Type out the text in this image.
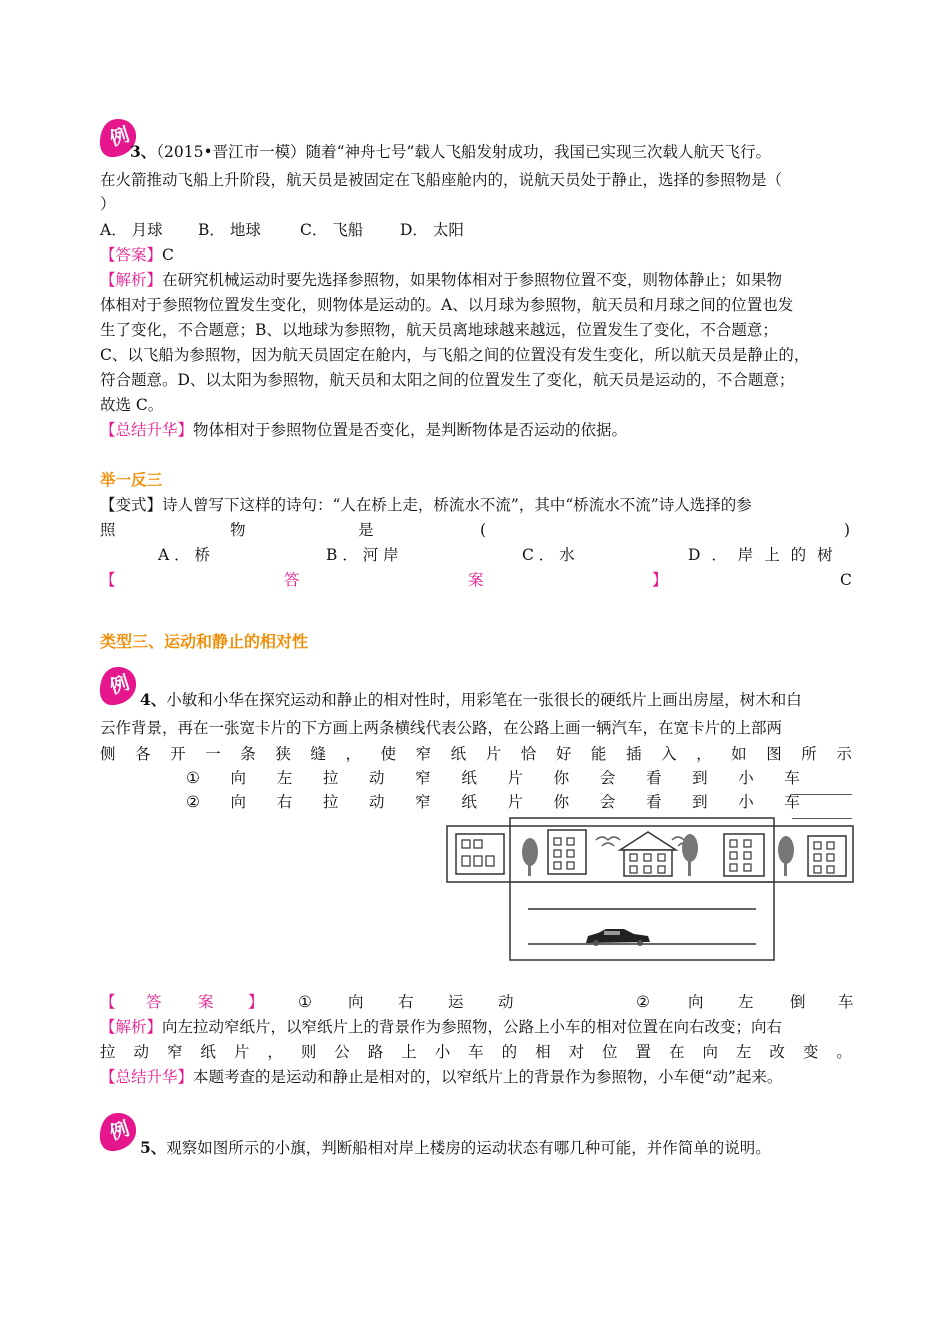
例
3、（2015•晋江市一模）随着“神舟七号”载人飞船发射成功，我国已实现三次载人航天飞行。
在火箭推动飞船上升阶段，航天员是被固定在飞船座舱内的，说航天员处于静止，选择的参照物是（
）
A． 月球 B． 地球	C． 飞船 D． 太阳
【答案】C
【解析】在研究机械运动时要先选择参照物，如果物体相对于参照物位置不变，则物体静止；如果物
体相对于参照物位置发生变化，则物体是运动的。A、以月球为参照物，航天员和月球之间的位置也发
生了变化，不合题意；B、以地球为参照物，航天员离地球越来越远，位置发生了变化，不合题意；
C、以飞船为参照物，因为航天员固定在舱内，与飞船之间的位置没有发生变化，所以航天员是静止的，
符合题意。D、以太阳为参照物，航天员和太阳之间的位置发生了变化，航天员是运动的，不合题意；
故选 C。
【总结升华】物体相对于参照物位置是否变化，是判断物体是否运动的依据。
举一反三
【变式】诗人曾写下这样的诗句：“人在桥上走，桥流水不流”，其中“桥流水不流”诗人选择的参
照	物	是	(	)
A ． 桥	B ． 河 岸	C ． 水	D ． 岸 上 的 树
【	答	案	】	C
类型三、运动和静止的相对性
例
4、小敏和小华在探究运动和静止的相对性时，用彩笔在一张很长的硬纸片上画出房屋，树木和白
云作背景，再在一张宽卡片的下方画上两条横线代表公路，在公路上画一辆汽车，在宽卡片的上部两
侧 各 开 一 条 狭 缝 ， 使 窄 纸 片 恰 好 能 插 入 ， 如 图 所 示
① 向 左 拉 动 窄 纸 片 你 会 看 到 小 车
② 向 右 拉 动 窄 纸 片 你 会 看 到 小 车
【 答 案 】 ① 向 右 运 动	② 向 左 倒 车
【解析】向左拉动窄纸片，以窄纸片上的背景作为参照物，公路上小车的相对位置在向右改变；向右
拉 动 窄 纸 片 ， 则 公 路 上 小 车 的 相 对 位 置 在 向 左 改 变 。
【总结升华】本题考查的是运动和静止是相对的，以窄纸片上的背景作为参照物，小车便“动”起来。
例
5、观察如图所示的小旗，判断船相对岸上楼房的运动状态有哪几种可能，并作简单的说明。
